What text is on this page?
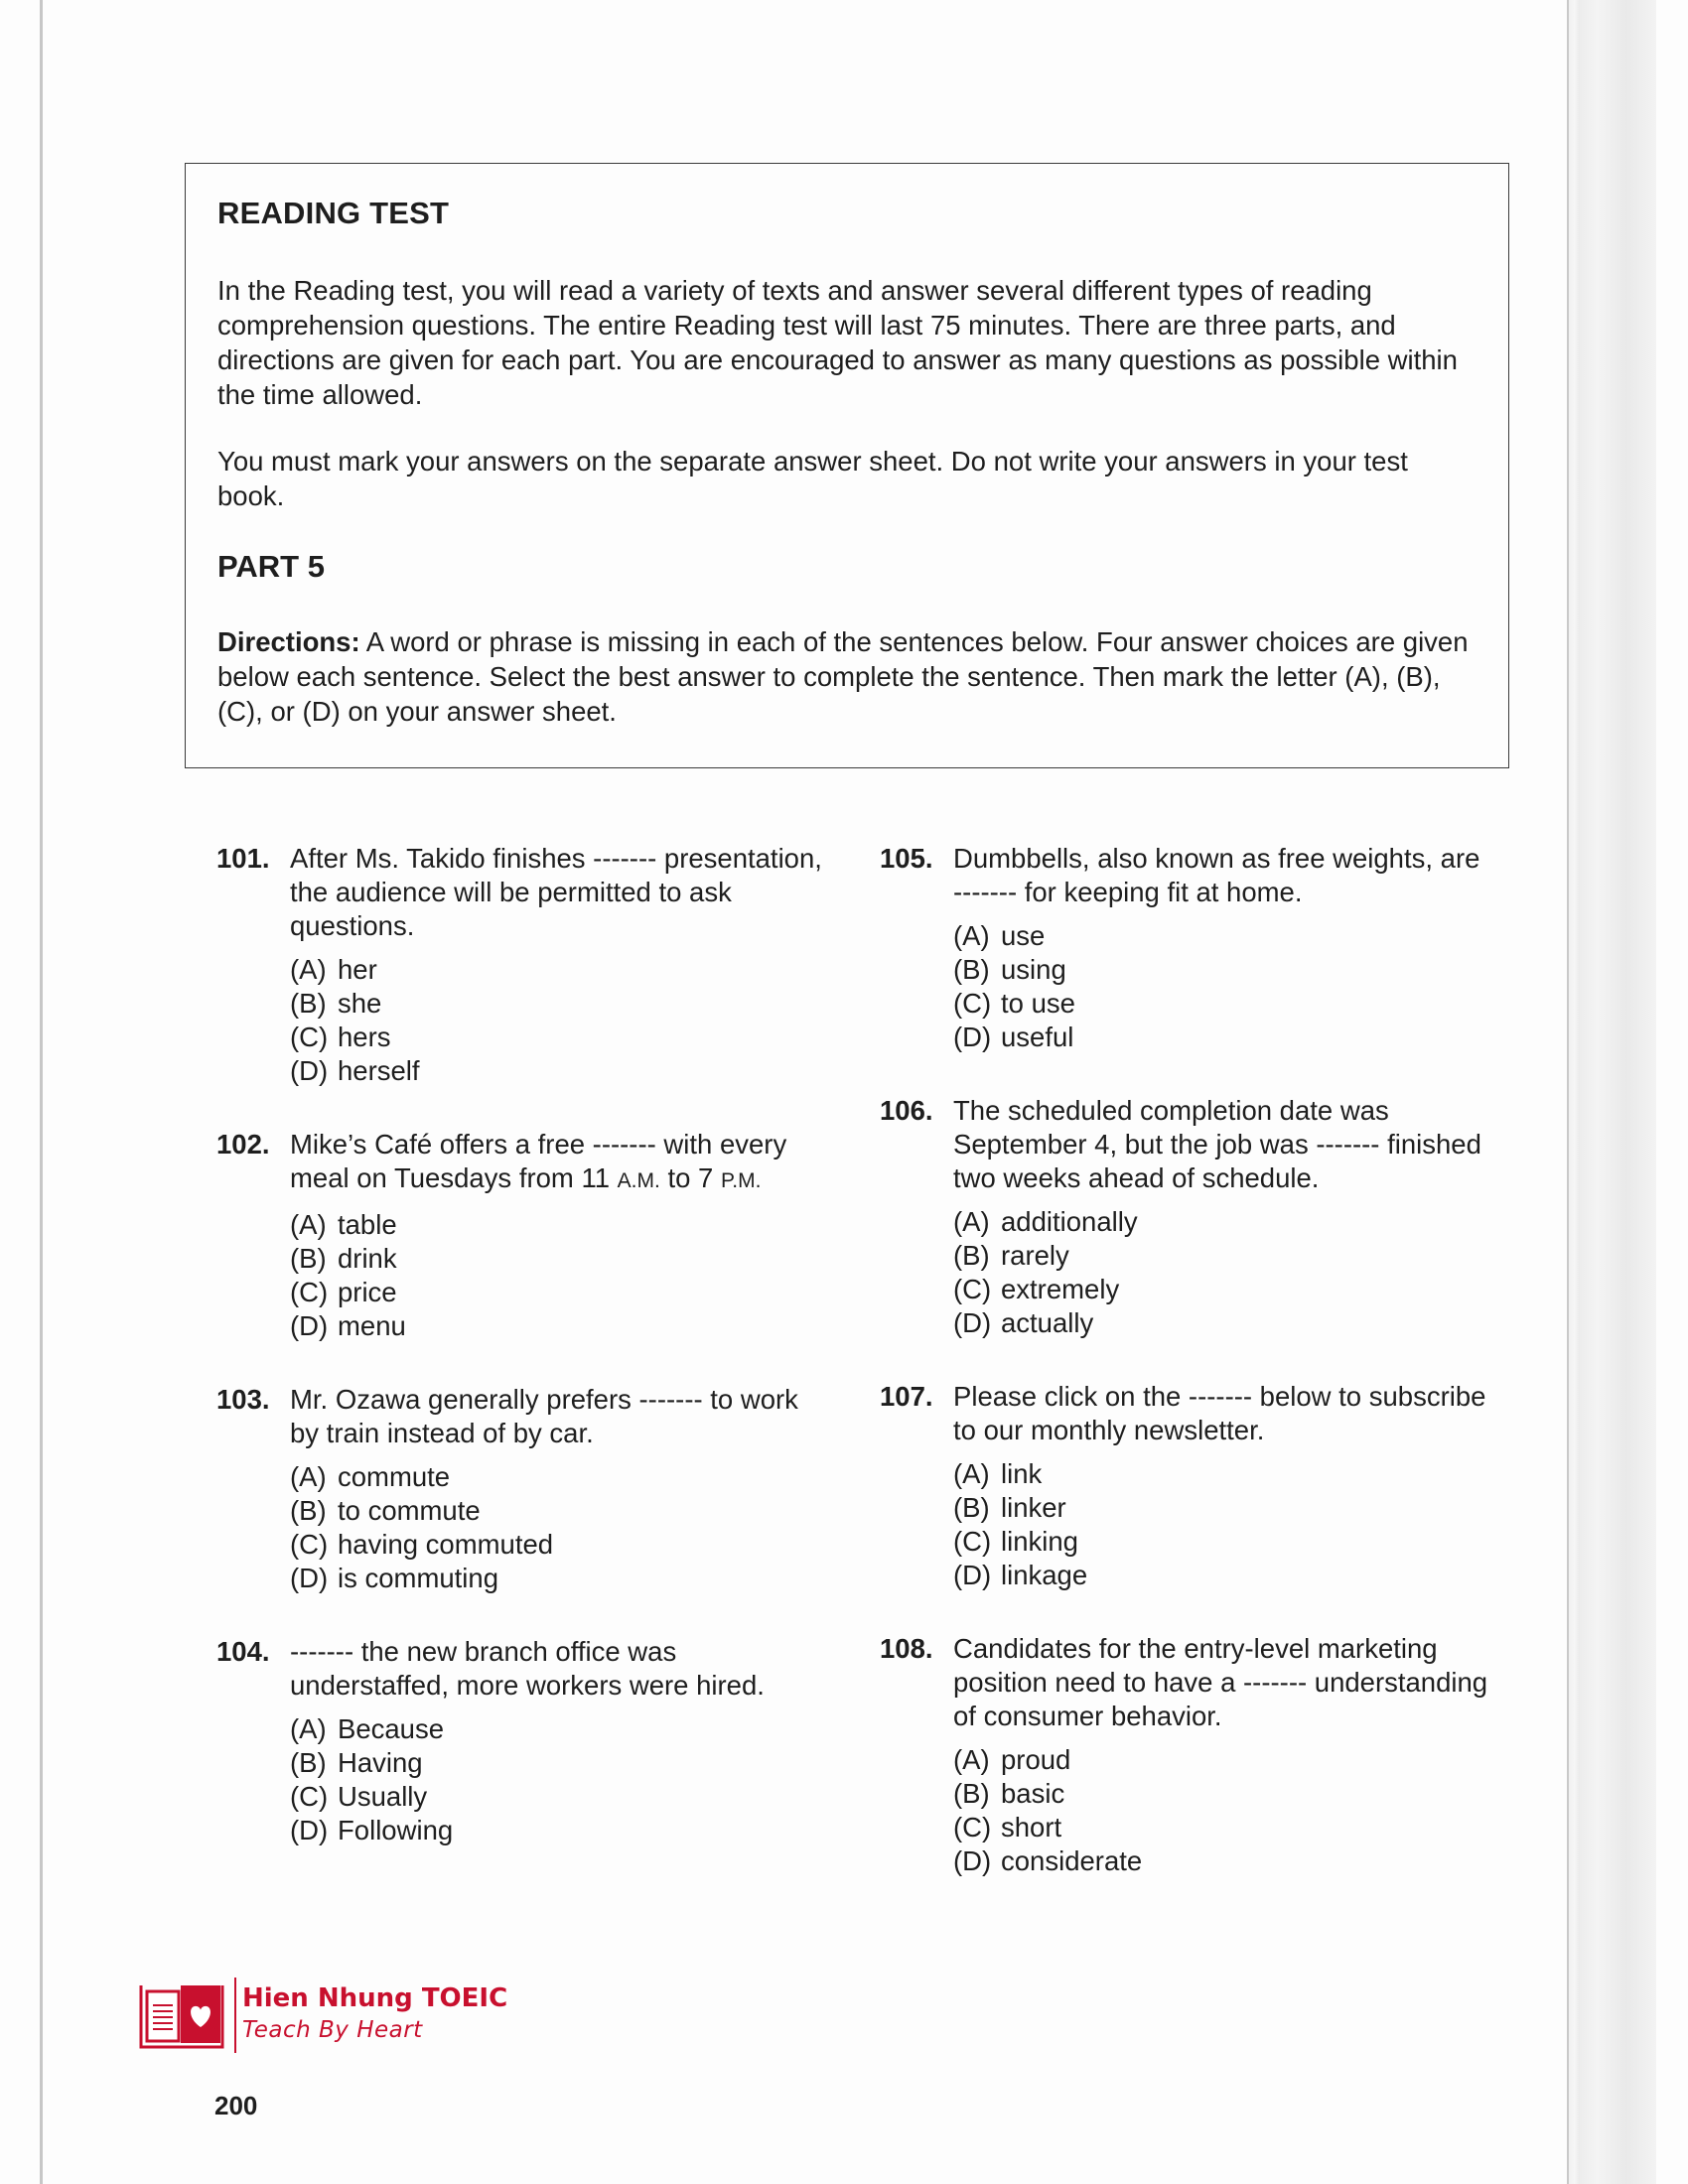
READING TEST

In the Reading test, you will read a variety of texts and answer several different types of reading comprehension questions. The entire Reading test will last 75 minutes. There are three parts, and directions are given for each part. You are encouraged to answer as many questions as possible within the time allowed.

You must mark your answers on the separate answer sheet. Do not write your answers in your test book.

PART 5

Directions: A word or phrase is missing in each of the sentences below. Four answer choices are given below each sentence. Select the best answer to complete the sentence. Then mark the letter (A), (B), (C), or (D) on your answer sheet.

101. After Ms. Takido finishes ------- presentation, the audience will be permitted to ask questions.
(A) her
(B) she
(C) hers
(D) herself
102. Mike’s Café offers a free ------- with every meal on Tuesdays from 11 A.M. to 7 P.M.
(A) table
(B) drink
(C) price
(D) menu
103. Mr. Ozawa generally prefers ------- to work by train instead of by car.
(A) commute
(B) to commute
(C) having commuted
(D) is commuting
104. ------- the new branch office was understaffed, more workers were hired.
(A) Because
(B) Having
(C) Usually
(D) Following
105. Dumbbells, also known as free weights, are ------- for keeping fit at home.
(A) use
(B) using
(C) to use
(D) useful
106. The scheduled completion date was September 4, but the job was ------- finished two weeks ahead of schedule.
(A) additionally
(B) rarely
(C) extremely
(D) actually
107. Please click on the ------- below to subscribe to our monthly newsletter.
(A) link
(B) linker
(C) linking
(D) linkage
108. Candidates for the entry-level marketing position need to have a ------- understanding of consumer behavior.
(A) proud
(B) basic
(C) short
(D) considerate
Hien Nhung TOEIC
Teach By Heart
200
